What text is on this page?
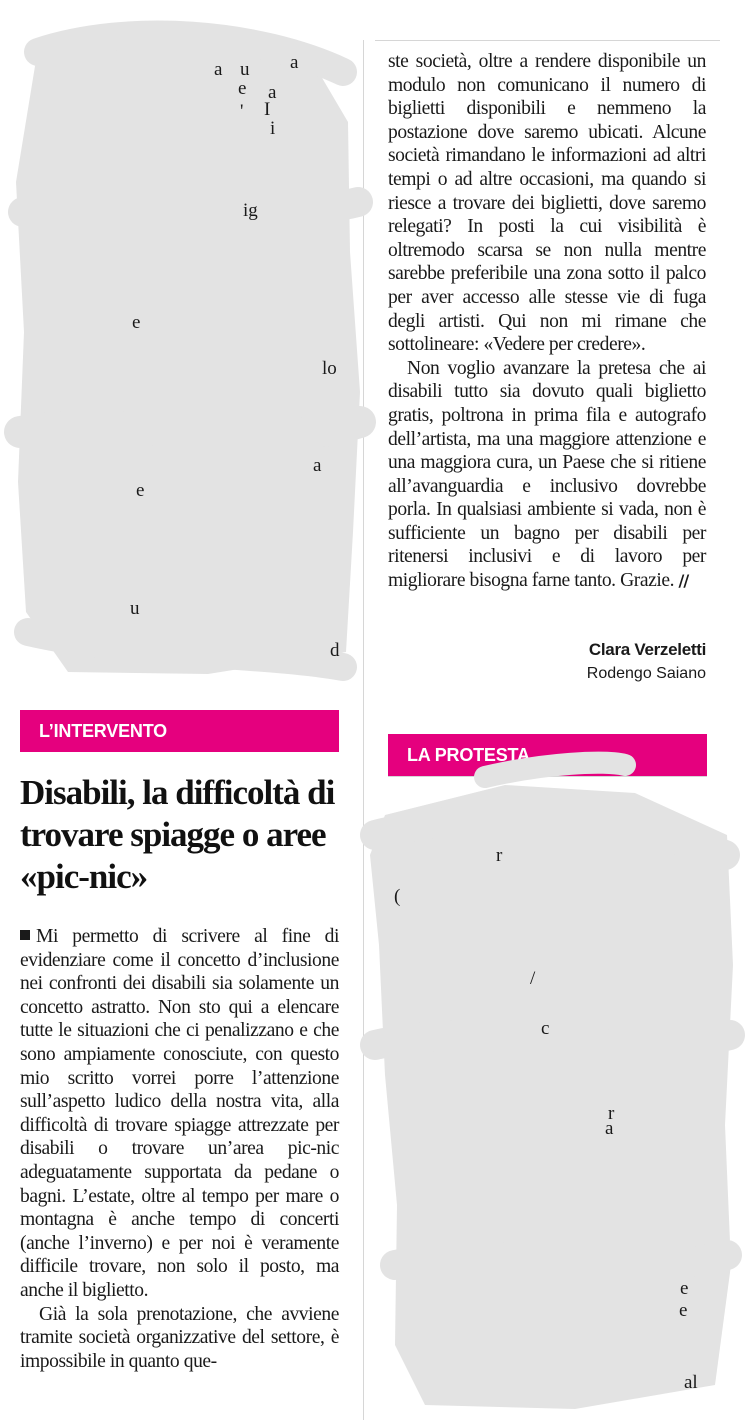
a u a
e a
' I
i
ig
e
lo
a
d
u
e

ste società, oltre a rendere disponibile un modulo non comunicano il numero di biglietti disponibili e nemmeno la postazione dove saremo ubicati. Alcune società rimandano le informazioni ad altri tempi o ad altre occasioni, ma quando si riesce a trovare dei biglietti, dove saremo relegati? In posti la cui visibilità è oltremodo scarsa se non nulla mentre sarebbe preferibile una zona sotto il palco per aver accesso alle stesse vie di fuga degli artisti. Qui non mi rimane che sottolineare: «Vedere per credere».

Non voglio avanzare la pretesa che ai disabili tutto sia dovuto quali biglietto gratis, poltrona in prima fila e autografo dell’artista, ma una maggiore attenzione e una maggiora cura, un Paese che si ritiene all’avanguardia e inclusivo dovrebbe porla. In qualsiasi ambiente si vada, non è sufficiente un bagno per disabili per ritenersi inclusivi e di lavoro per migliorare bisogna farne tanto. Grazie. //

Clara Verzeletti
Rodengo Saiano
L’INTERVENTO
Disabili, la difficoltà di trovare spiagge o aree «pic-nic»

Mi permetto di scrivere al fine di evidenziare come il concetto d’inclusione nei confronti dei disabili sia solamente un concetto astratto. Non sto qui a elencare tutte le situazioni che ci penalizzano e che sono ampiamente conosciute, con questo mio scritto vorrei porre l’attenzione sull’aspetto ludico della nostra vita, alla difficoltà di trovare spiagge attrezzate per disabili o trovare un’area pic-nic adeguatamente supportata da pedane o bagni. L’estate, oltre al tempo per mare o montagna è anche tempo di concerti (anche l’inverno) e per noi è veramente difficile trovare, non solo il posto, ma anche il biglietto.

Già la sola prenotazione, che avviene tramite società organizzative del settore, è impossibile in quanto que-

LA PROTESTA
(
r
c
/
r
a
e
e
al
